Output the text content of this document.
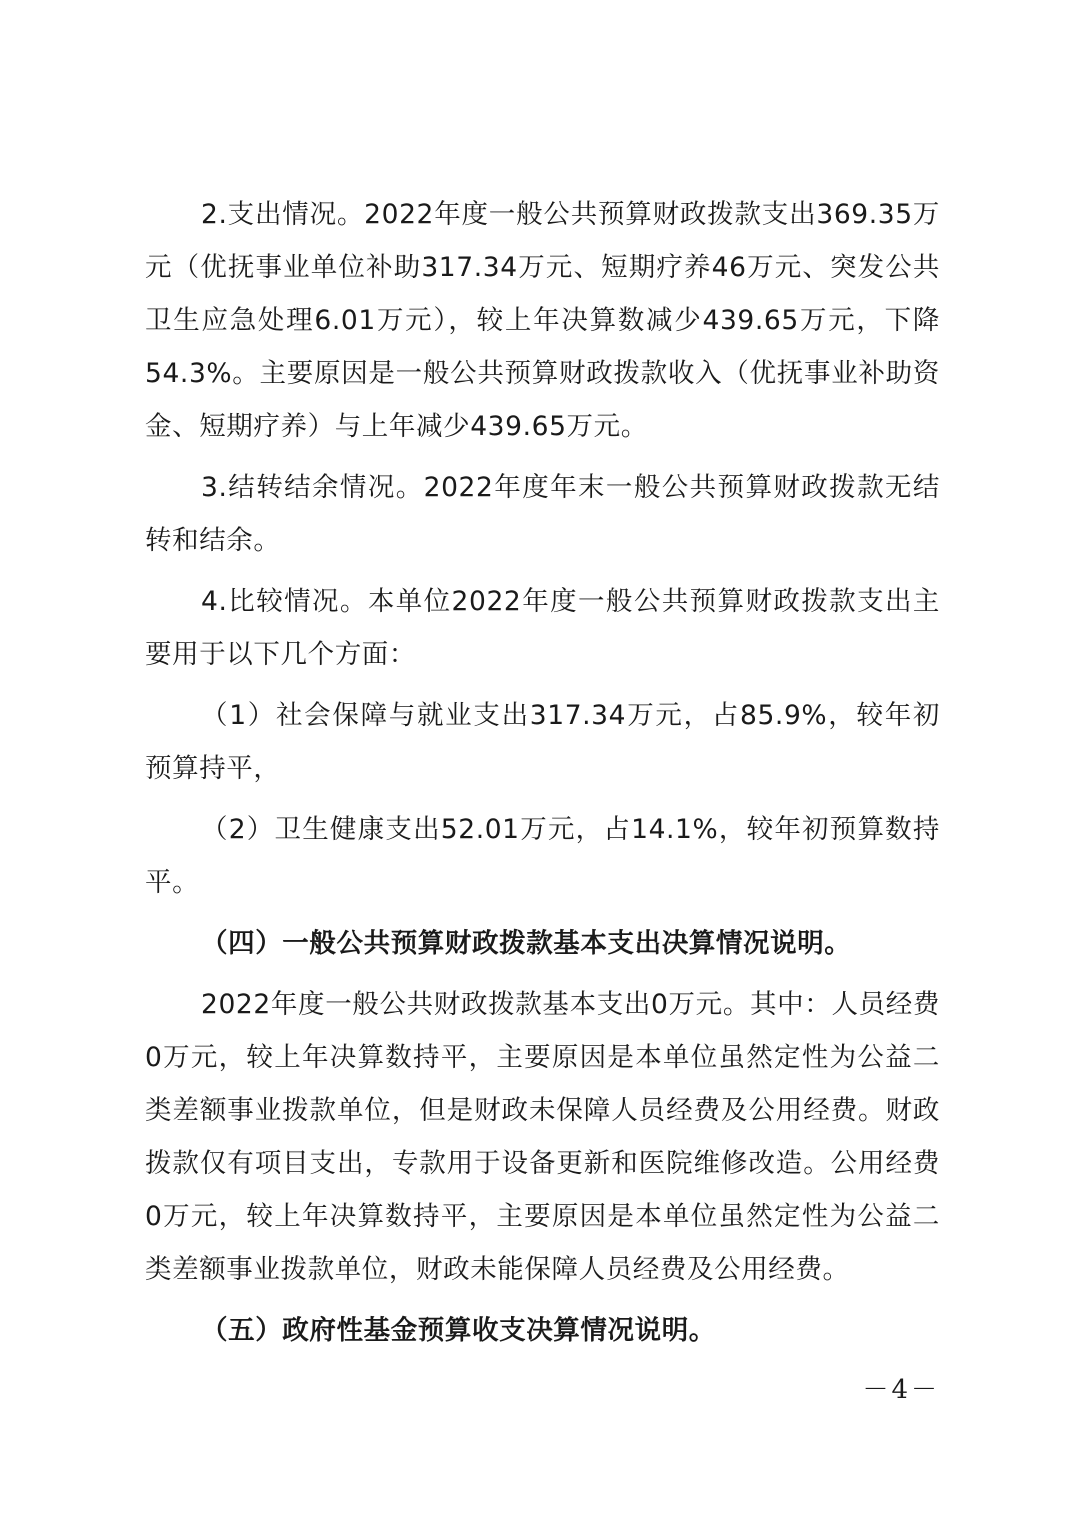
2.支出情况。2022年度一般公共预算财政拨款支出369.35万元（优抚事业单位补助317.34万元、短期疗养46万元、突发公共卫生应急处理6.01万元），较上年决算数减少439.65万元，下降54.3%。主要原因是一般公共预算财政拨款收入（优抚事业补助资金、短期疗养）与上年减少439.65万元。

3.结转结余情况。2022年度年末一般公共预算财政拨款无结转和结余。

4.比较情况。本单位2022年度一般公共预算财政拨款支出主要用于以下几个方面：

（1）社会保障与就业支出317.34万元，占85.9%，较年初预算持平，

（2）卫生健康支出52.01万元，占14.1%，较年初预算数持平。

（四）一般公共预算财政拨款基本支出决算情况说明。

2022年度一般公共财政拨款基本支出0万元。其中：人员经费0万元，较上年决算数持平，主要原因是本单位虽然定性为公益二类差额事业拨款单位，但是财政未保障人员经费及公用经费。财政拨款仅有项目支出，专款用于设备更新和医院维修改造。公用经费0万元，较上年决算数持平，主要原因是本单位虽然定性为公益二类差额事业拨款单位，财政未能保障人员经费及公用经费。

（五）政府性基金预算收支决算情况说明。

－4－
